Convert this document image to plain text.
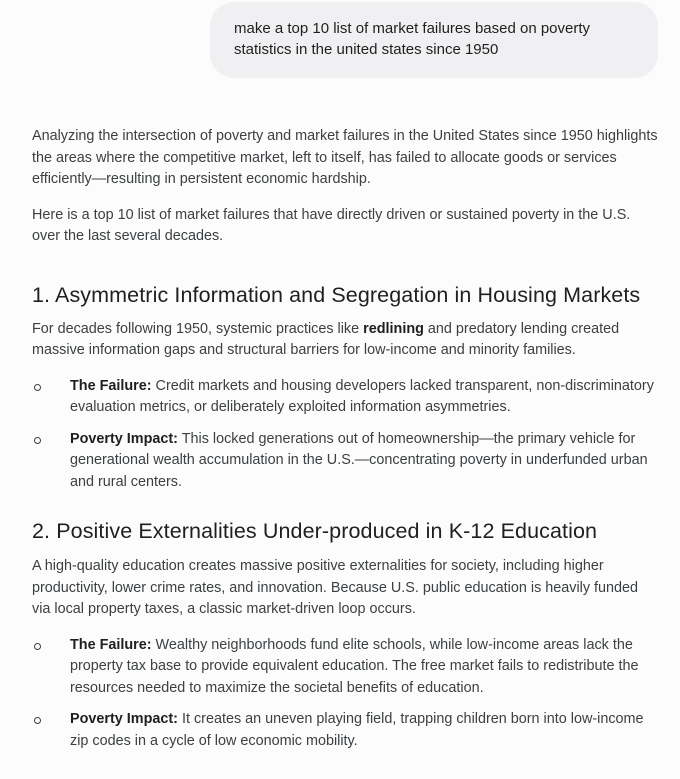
make a top 10 list of market failures based on poverty
statistics in the united states since 1950

Analyzing the intersection of poverty and market failures in the United States since 1950 highlights the areas where the competitive market, left to itself, has failed to allocate goods or services efficiently—resulting in persistent economic hardship.

Here is a top 10 list of market failures that have directly driven or sustained poverty in the U.S. over the last several decades.

1. Asymmetric Information and Segregation in Housing Markets

For decades following 1950, systemic practices like redlining and predatory lending created massive information gaps and structural barriers for low-income and minority families.

The Failure: Credit markets and housing developers lacked transparent, non-discriminatory evaluation metrics, or deliberately exploited information asymmetries.
Poverty Impact: This locked generations out of homeownership—the primary vehicle for generational wealth accumulation in the U.S.—concentrating poverty in underfunded urban and rural centers.
2. Positive Externalities Under-produced in K-12 Education

A high-quality education creates massive positive externalities for society, including higher productivity, lower crime rates, and innovation. Because U.S. public education is heavily funded via local property taxes, a classic market-driven loop occurs.

The Failure: Wealthy neighborhoods fund elite schools, while low-income areas lack the property tax base to provide equivalent education. The free market fails to redistribute the resources needed to maximize the societal benefits of education.
Poverty Impact: It creates an uneven playing field, trapping children born into low-income zip codes in a cycle of low economic mobility.
